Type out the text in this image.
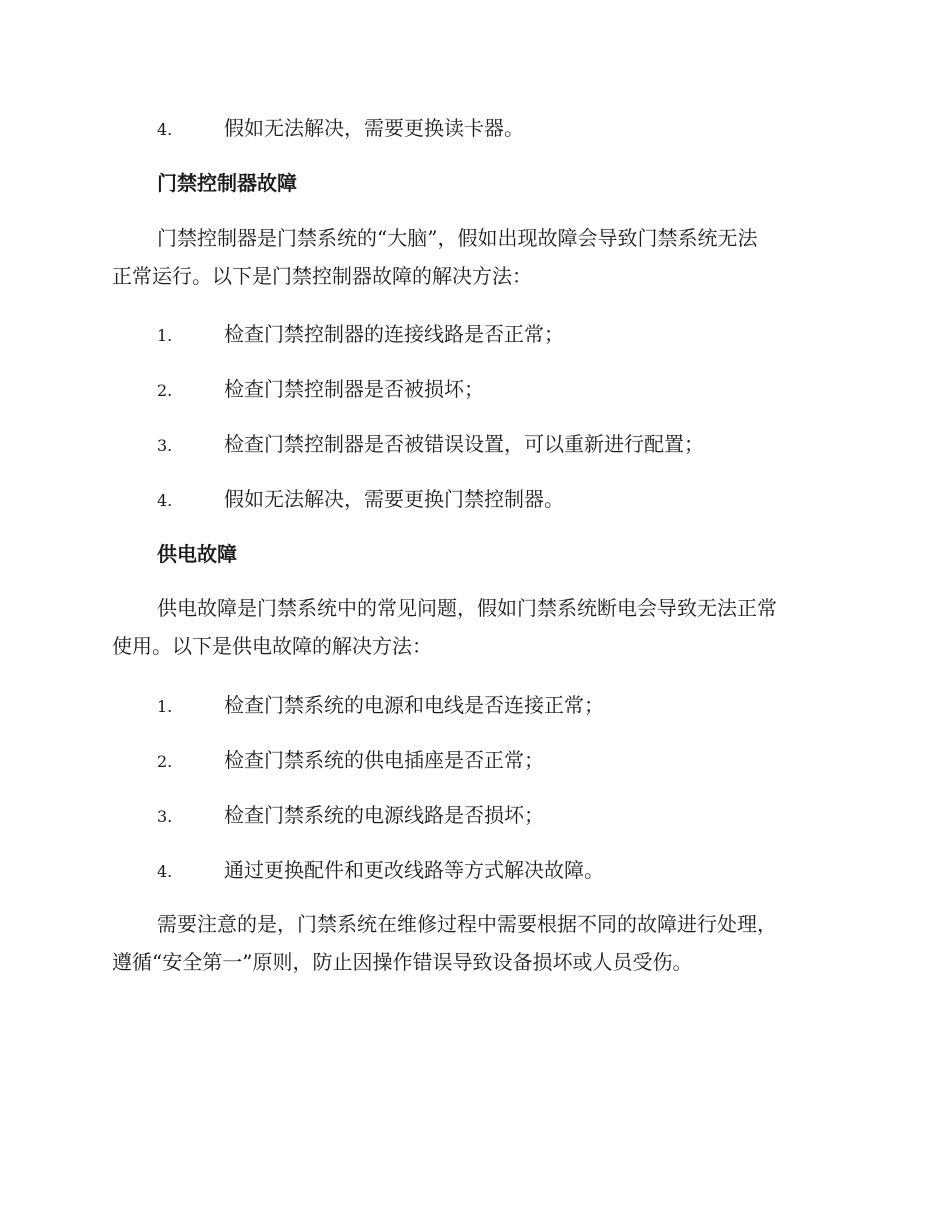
4.	假如无法解决，需要更换读卡器。
门禁控制器故障
门禁控制器是门禁系统的“大脑”，假如出现故障会导致门禁系统无法
正常运行。以下是门禁控制器故障的解决方法：
1.	检查门禁控制器的连接线路是否正常；
2.	检查门禁控制器是否被损坏；
3.	检查门禁控制器是否被错误设置，可以重新进行配置；
4.	假如无法解决，需要更换门禁控制器。
供电故障
供电故障是门禁系统中的常见问题，假如门禁系统断电会导致无法正常
使用。以下是供电故障的解决方法：
1.	检查门禁系统的电源和电线是否连接正常；
2.	检查门禁系统的供电插座是否正常；
3.	检查门禁系统的电源线路是否损坏；
4.	通过更换配件和更改线路等方式解决故障。
需要注意的是，门禁系统在维修过程中需要根据不同的故障进行处理，
遵循“安全第一”原则，防止因操作错误导致设备损坏或人员受伤。
